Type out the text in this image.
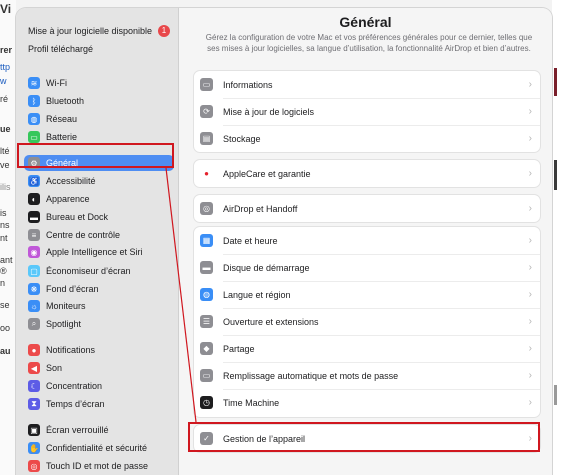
Vi
rer
ttp
w
ré
ue
lté
ve
ilis
is
ns
nt
ant
®
n
se
oo
au
Mise à jour logicielle disponible	1
Profil téléchargé
≋ Wi-Fi
ᛒ	Bluetooth
◍ Réseau
▭ Batterie
⚙ Général
♿ Accessibilité
◐	Apparence
▬ Bureau et Dock
≡	Centre de contrôle
◉ Apple Intelligence et Siri
▢ Économiseur d’écran
❋ Fond d’écran
☼ Moniteurs
⌕	Spotlight
●	Notifications
◀ Son
☾ Concentration
⧗	Temps d’écran
▣ Écran verrouillé
✋ Confidentialité et sécurité
◎ Touch ID et mot de passe
Général
Gérez la configuration de votre Mac et vos préférences générales pour ce dernier, telles que ses mises à jour logicielles, sa langue d’utilisation, la fonctionnalité AirDrop et bien d’autres.
▭	Informations	›
⟳	Mise à jour de logiciels	›
▤	Stockage	›
●	AppleCare et garantie	›
◎	AirDrop et Handoff	›
▦	Date et heure	›
▬ Disque de démarrage	›
◍	Langue et région	›
☰	Ouverture et extensions	›
◆	Partage	›
▭	Remplissage automatique et mots de passe	›
◷	Time Machine	›
✓	Gestion de l’appareil	›
